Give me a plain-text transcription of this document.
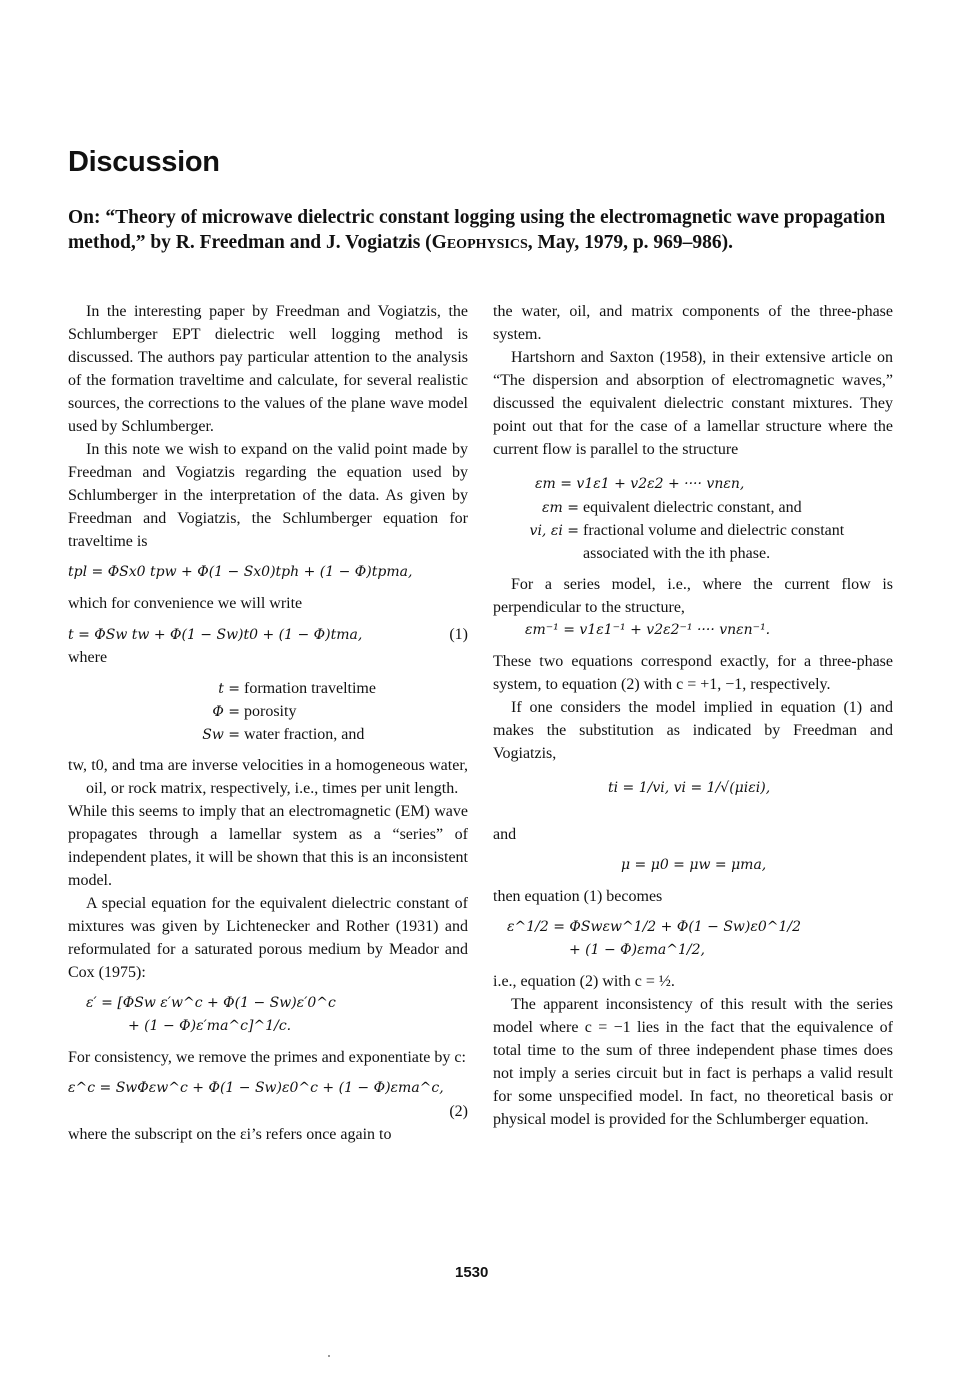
Discussion
On: “Theory of microwave dielectric constant logging using the electromagnetic wave propagation method,” by R. Freedman and J. Vogiatzis (Geophysics, May, 1979, p. 969–986).

In the interesting paper by Freedman and Vogiatzis, the Schlumberger EPT dielectric well logging method is discussed. The authors pay particular attention to the analysis of the formation traveltime and calculate, for several realistic sources, the corrections to the values of the plane wave model used by Schlumberger.

In this note we wish to expand on the valid point made by Freedman and Vogiatzis regarding the equation used by Schlumberger in the interpretation of the data. As given by Freedman and Vogiatzis, the Schlumberger equation for traveltime is

tpl = ΦSx0 tpw + Φ(1 − Sx0)tph + (1 − Φ)tpma,

which for convenience we will write

t = ΦSw tw + Φ(1 − Sw)t0 + (1 − Φ)tma,	(1)

where

t = formation traveltime
Φ = porosity
Sw = water fraction, and

tw, t0, and tma are inverse velocities in a homogeneous water, oil, or rock matrix, respectively, i.e., times per unit length.

While this seems to imply that an electromagnetic (EM) wave propagates through a lamellar system as a “series” of independent plates, it will be shown that this is an inconsistent model.

A special equation for the equivalent dielectric constant of mixtures was given by Lichtenecker and Rother (1931) and reformulated for a saturated porous medium by Meador and Cox (1975):

ε′ = [ΦSw ε′w^c + Φ(1 − Sw)ε′0^c

+ (1 − Φ)ε′ma^c]^1/c.

For consistency, we remove the primes and exponentiate by c:

ε^c = SwΦεw^c + Φ(1 − Sw)ε0^c + (1 − Φ)εma^c,

(2)

where the subscript on the εi’s refers once again to

the water, oil, and matrix components of the three-phase system.

Hartshorn and Saxton (1958), in their extensive article on “The dispersion and absorption of electromagnetic waves,” discussed the equivalent dielectric constant mixtures. They point out that for the case of a lamellar structure where the current flow is parallel to the structure

εm = v1ε1 + v2ε2 + ···· vnεn,

εm = equivalent dielectric constant, and
vi, εi = fractional volume and dielectric constant
associated with the ith phase.

For a series model, i.e., where the current flow is perpendicular to the structure,

εm⁻¹ = v1ε1⁻¹ + v2ε2⁻¹ ···· vnεn⁻¹.

These two equations correspond exactly, for a three-phase system, to equation (2) with c = +1, −1, respectively.

If one considers the model implied in equation (1) and makes the substitution as indicated by Freedman and Vogiatzis,

ti = 1/vi, vi = 1/√(μiεi),

and

μ = μ0 = μw = μma,

then equation (1) becomes

ε^1/2 = ΦSwεw^1/2 + Φ(1 − Sw)ε0^1/2

+ (1 − Φ)εma^1/2,

i.e., equation (2) with c = ½.

The apparent inconsistency of this result with the series model where c = −1 lies in the fact that the equivalence of total time to the sum of three independent phase times does not imply a series circuit but in fact is perhaps a valid result for some unspecified model. In fact, no theoretical basis or physical model is provided for the Schlumberger equation.

1530
